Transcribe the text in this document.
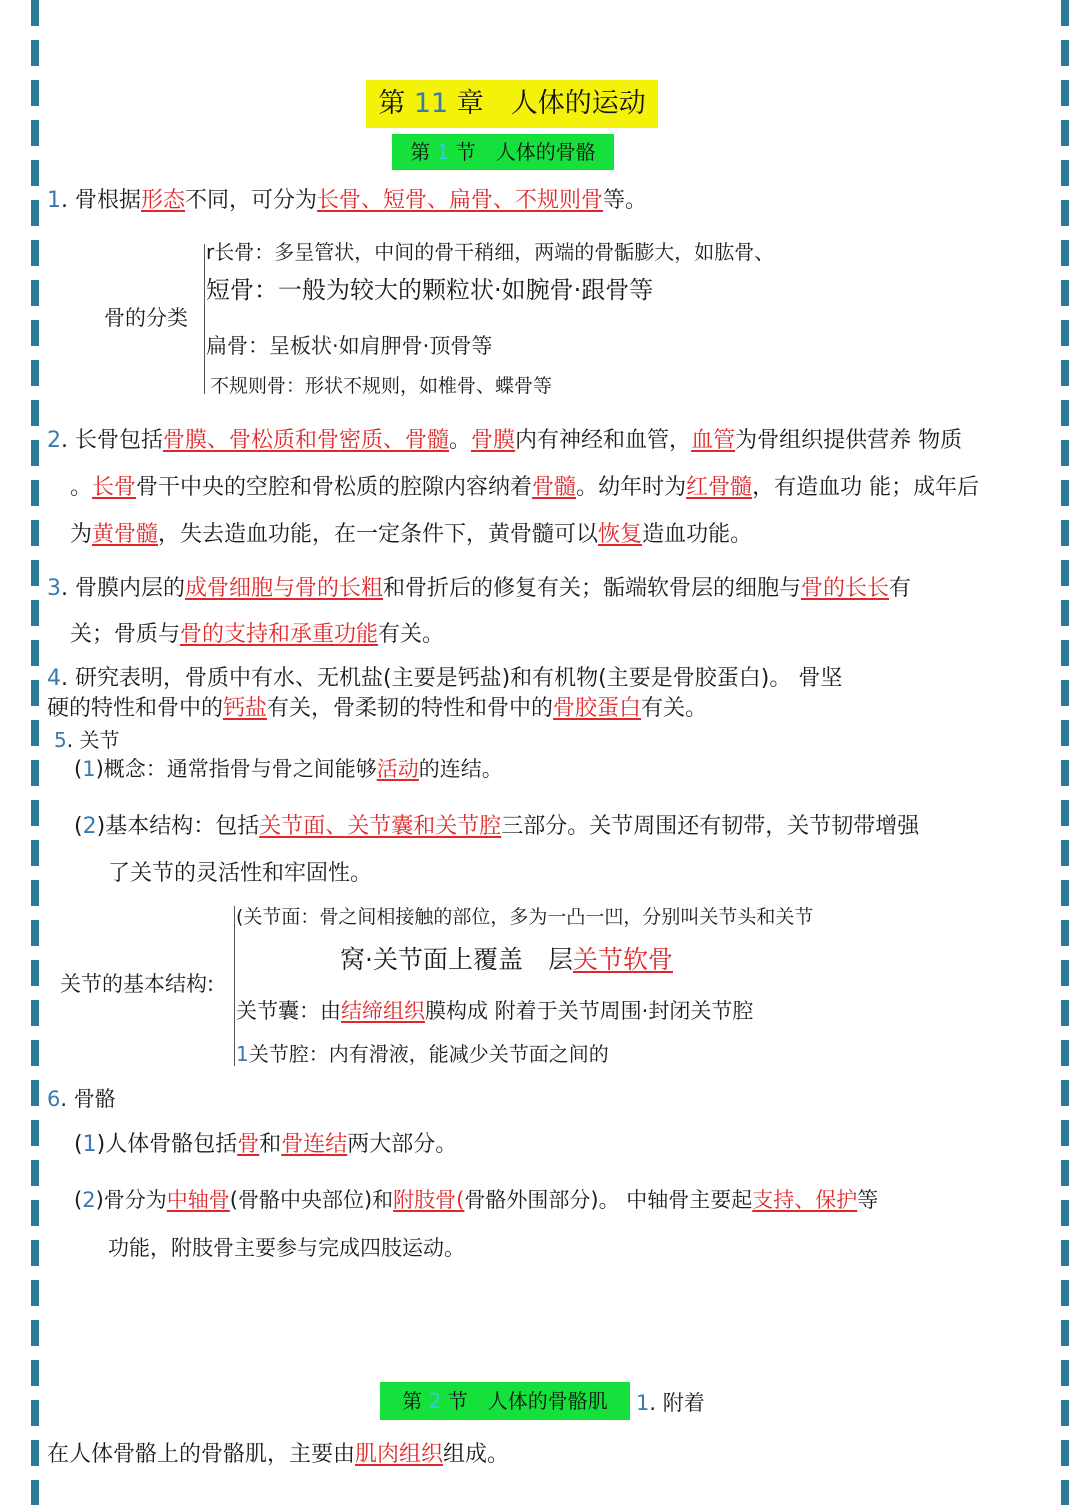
第 11 章　人体的运动
第 1 节　人体的骨骼
1. 骨根据形态不同，可分为长骨、短骨、扁骨、不规则骨等。
骨的分类
r长骨：多呈管状，中间的骨干稍细，两端的骨骺膨大，如肱骨、
短骨：一般为较大的颗粒状·如腕骨·跟骨等
扁骨：呈板状·如肩胛骨·顶骨等
不规则骨：形状不规则，如椎骨、蝶骨等
2. 长骨包括骨膜、骨松质和骨密质、骨髓。骨膜内有神经和血管，血管为骨组织提供营养 物质
。长骨骨干中央的空腔和骨松质的腔隙内容纳着骨髓。幼年时为红骨髓，有造血功 能；成年后
为黄骨髓，失去造血功能，在一定条件下，黄骨髓可以恢复造血功能。
3. 骨膜内层的成骨细胞与骨的长粗和骨折后的修复有关；骺端软骨层的细胞与骨的长长有
关；骨质与骨的支持和承重功能有关。
4. 研究表明，骨质中有水、无机盐(主要是钙盐)和有机物(主要是骨胶蛋白)。 骨坚
硬的特性和骨中的钙盐有关，骨柔韧的特性和骨中的骨胶蛋白有关。
5. 关节
(1)概念：通常指骨与骨之间能够活动的连结。
(2)基本结构：包括关节面、关节囊和关节腔三部分。关节周围还有韧带，关节韧带增强
了关节的灵活性和牢固性。
关节的基本结构:
(关节面：骨之间相接触的部位，多为一凸一凹，分别叫关节头和关节
窝·关节面上覆盖　层关节软骨
关节囊：由结缔组织膜构成 附着于关节周围·封闭关节腔
1关节腔：内有滑液，能减少关节面之间的
6. 骨骼
(1)人体骨骼包括骨和骨连结两大部分。
(2)骨分为中轴骨(骨骼中央部位)和附肢骨(骨骼外围部分)。 中轴骨主要起支持、保护等
功能，附肢骨主要参与完成四肢运动。
第 2 节　人体的骨骼肌	1. 附着
在人体骨骼上的骨骼肌，主要由肌肉组织组成。
